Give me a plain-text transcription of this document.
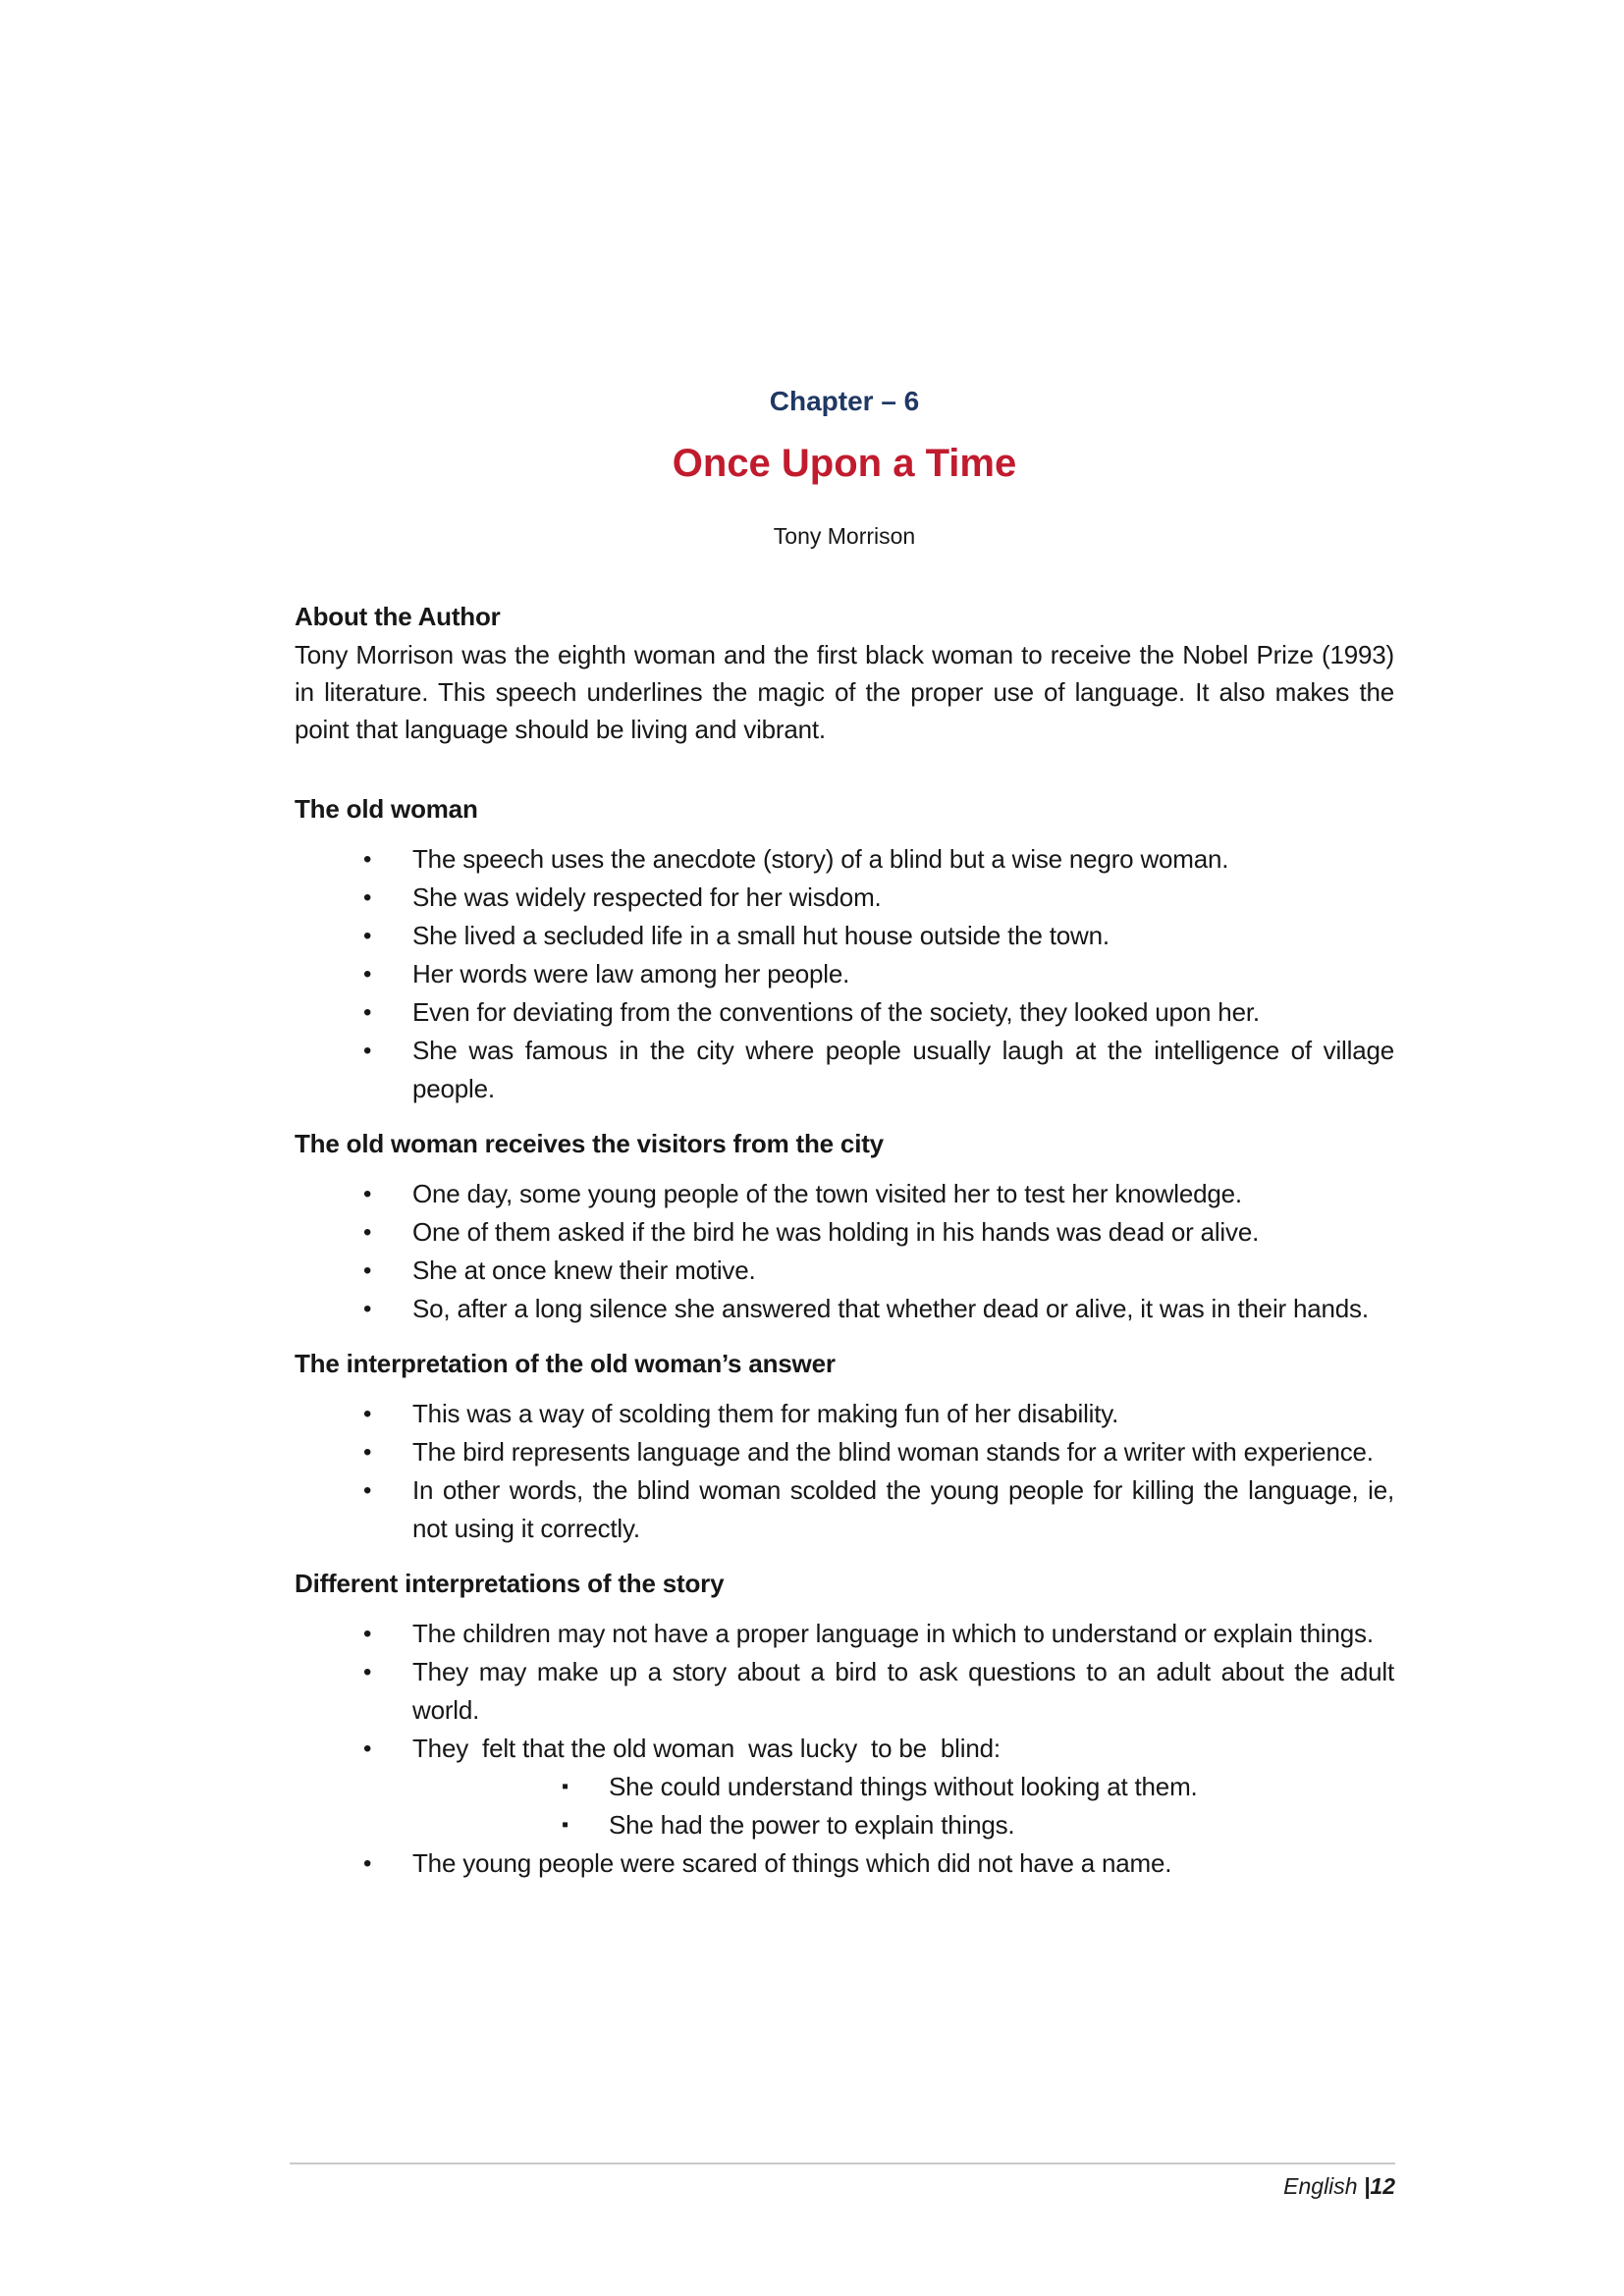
Chapter – 6
Once Upon a Time
Tony Morrison
About the Author

Tony Morrison was the eighth woman and the first black woman to receive the Nobel Prize (1993) in literature. This speech underlines the magic of the proper use of language. It also makes the point that language should be living and vibrant.

The old woman
•	The speech uses the anecdote (story) of a blind but a wise negro woman.
•	She was widely respected for her wisdom.
•	She lived a secluded life in a small hut house outside the town.
•	Her words were law among her people.
•	Even for deviating from the conventions of the society, they looked upon her.
•	She was famous in the city where people usually laugh at the intelligence of village people.
The old woman receives the visitors from the city
•	One day, some young people of the town visited her to test her knowledge.
•	One of them asked if the bird he was holding in his hands was dead or alive.
•	She at once knew their motive.
•	So, after a long silence she answered that whether dead or alive, it was in their hands.
The interpretation of the old woman’s answer
•	This was a way of scolding them for making fun of her disability.
•	The bird represents language and the blind woman stands for a writer with experience.
•	In other words, the blind woman scolded the young people for killing the language, ie, not using it correctly.
Different interpretations of the story
•	The children may not have a proper language in which to understand or explain things.
•	They may make up a story about a bird to ask questions to an adult about the adult world.
•	They  felt that the old woman  was lucky  to be  blind:
▪	She could understand things without looking at them.
▪	She had the power to explain things.
•	The young people were scared of things which did not have a name.
English |12
